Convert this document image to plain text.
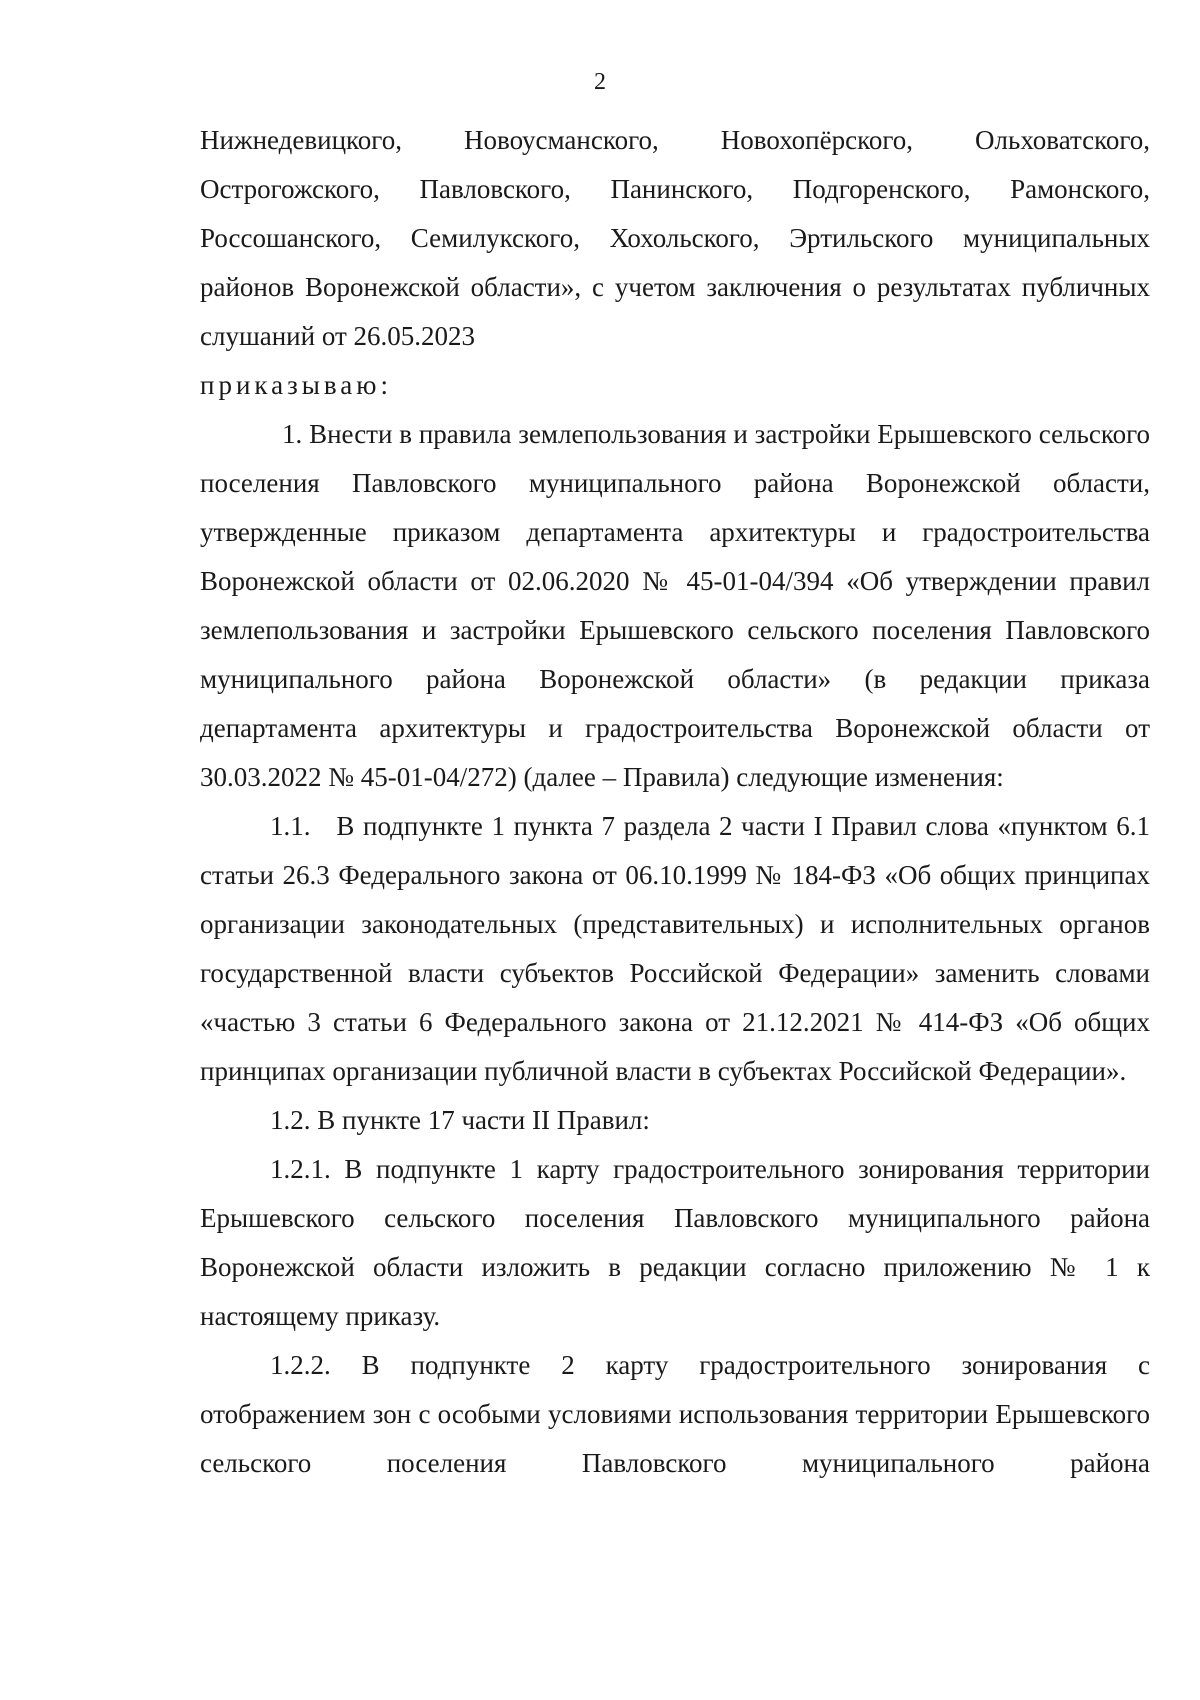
2

Нижнедевицкого, Новоусманского, Новохопёрского, Ольховатского, Острогожского, Павловского, Панинского, Подгоренского, Рамонского, Россошанского, Семилукского, Хохольского, Эртильского муниципальных районов Воронежской области», с учетом заключения о результатах публичных слушаний от 26.05.2023

приказываю:

1. Внести в правила землепользования и застройки Ерышевского сельского поселения Павловского муниципального района Воронежской области, утвержденные приказом департамента архитектуры и градостроительства Воронежской области от 02.06.2020 № 45-01-04/394 «Об утверждении правил землепользования и застройки Ерышевского сельского поселения Павловского муниципального района Воронежской области» (в редакции приказа департамента архитектуры и градостроительства Воронежской области от 30.03.2022 № 45-01-04/272) (далее – Правила) следующие изменения:

1.1.   В подпункте 1 пункта 7 раздела 2 части I Правил слова «пунктом 6.1 статьи 26.3 Федерального закона от 06.10.1999 № 184-ФЗ «Об общих принципах организации законодательных (представительных) и исполнительных органов государственной власти субъектов Российской Федерации» заменить словами «частью 3 статьи 6 Федерального закона от 21.12.2021 № 414-ФЗ «Об общих принципах организации публичной власти в субъектах Российской Федерации».

1.2. В пункте 17 части II Правил:

1.2.1. В подпункте 1 карту градостроительного зонирования территории Ерышевского сельского поселения Павловского муниципального района Воронежской области изложить в редакции согласно приложению № 1 к настоящему приказу.

1.2.2. В подпункте 2 карту градостроительного зонирования с отображением зон с особыми условиями использования территории Ерышевского сельского поселения Павловского муниципального района
